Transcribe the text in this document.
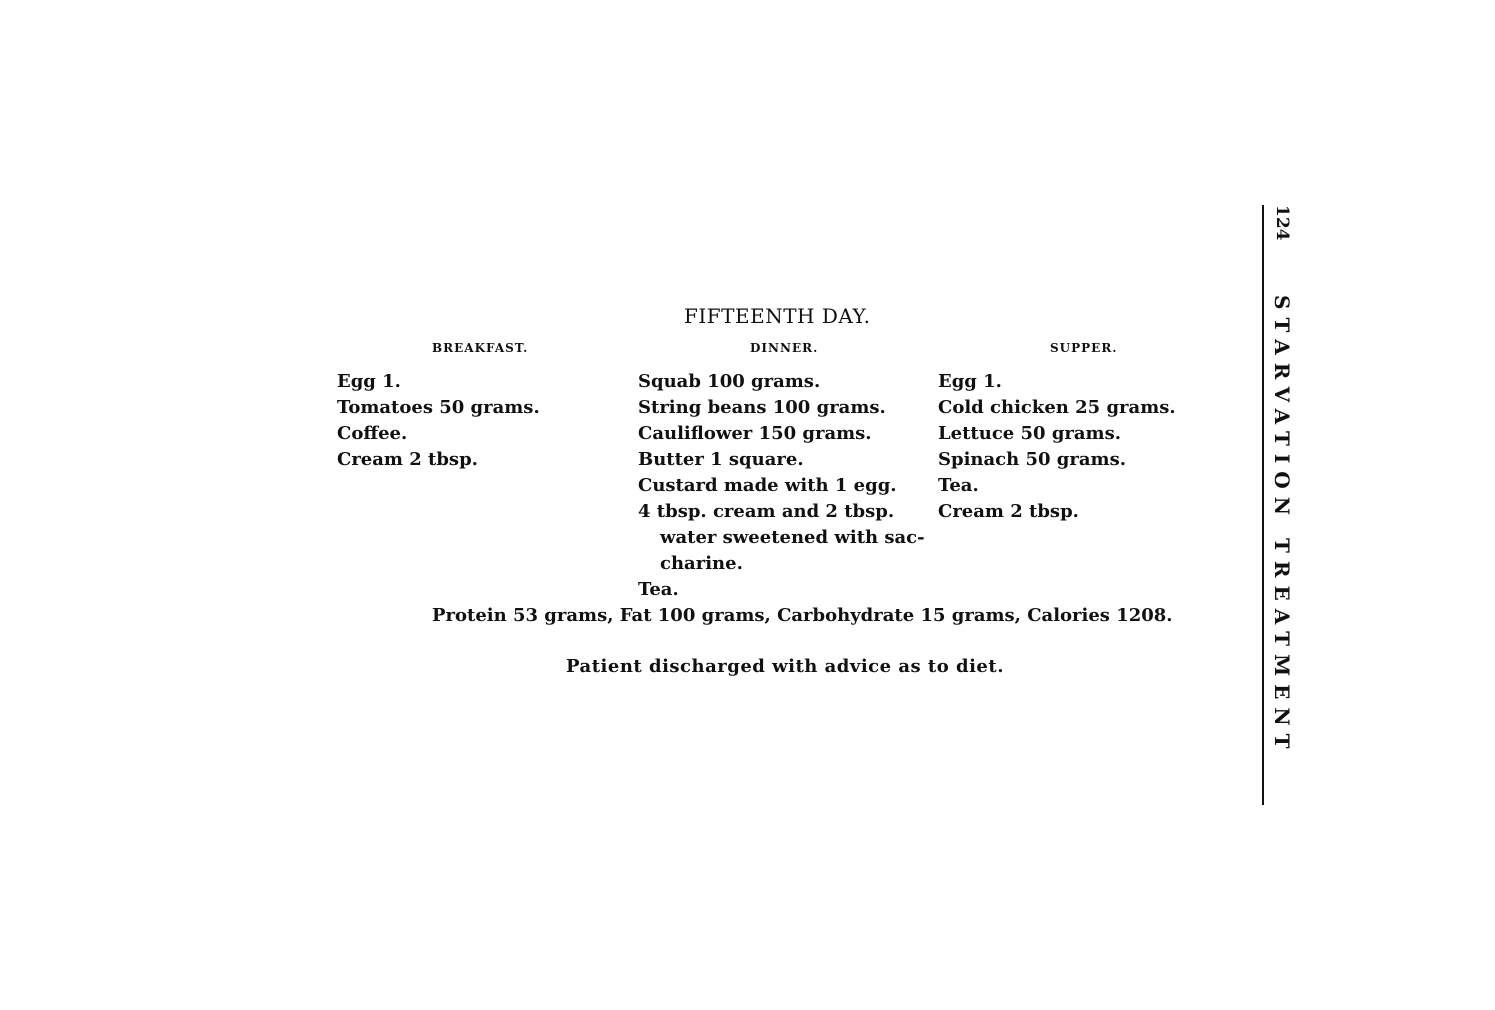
124 STARVATION TREATMENT
FIFTEENTH DAY.
BREAKFAST.	DINNER.	SUPPER.
Egg 1.
Tomatoes 50 grams.
Coffee.
Cream 2 tbsp.
Squab 100 grams.
String beans 100 grams.
Cauliflower 150 grams.
Butter 1 square.
Custard made with 1 egg.
4 tbsp. cream and 2 tbsp.
water sweetened with sac-
charine.
Tea.
Egg 1.
Cold chicken 25 grams.
Lettuce 50 grams.
Spinach 50 grams.
Tea.
Cream 2 tbsp.
Protein 53 grams, Fat 100 grams, Carbohydrate 15 grams, Calories 1208.
Patient discharged with advice as to diet.
